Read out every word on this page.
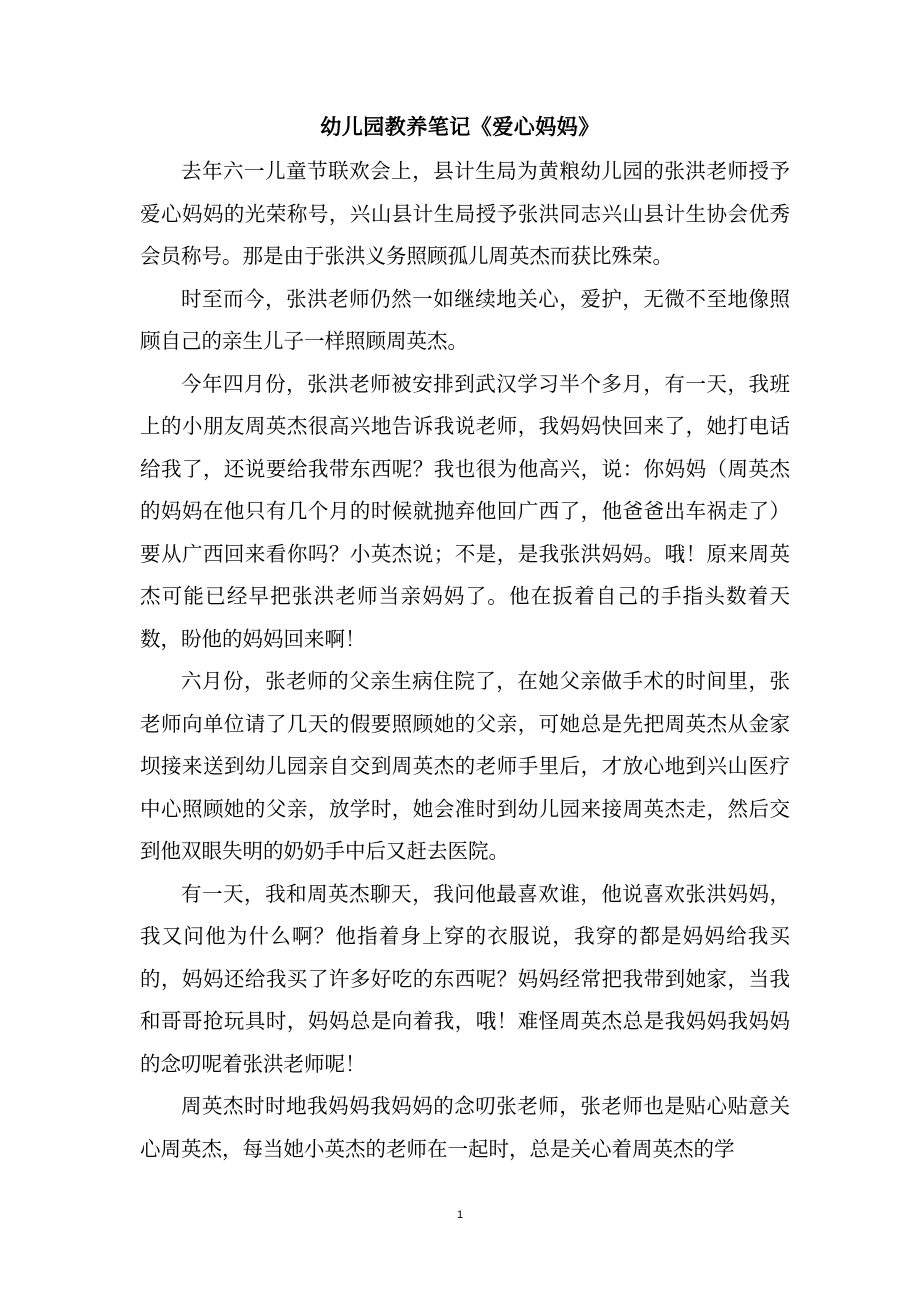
幼儿园教养笔记《爱心妈妈》

去年六一儿童节联欢会上，县计生局为黄粮幼儿园的张洪老师授予爱心妈妈的光荣称号，兴山县计生局授予张洪同志兴山县计生协会优秀会员称号。那是由于张洪义务照顾孤儿周英杰而获比殊荣。

时至而今，张洪老师仍然一如继续地关心，爱护，无微不至地像照顾自己的亲生儿子一样照顾周英杰。

今年四月份，张洪老师被安排到武汉学习半个多月，有一天，我班上的小朋友周英杰很高兴地告诉我说老师，我妈妈快回来了，她打电话给我了，还说要给我带东西呢？我也很为他高兴，说：你妈妈（周英杰的妈妈在他只有几个月的时候就抛弃他回广西了，他爸爸出车祸走了）要从广西回来看你吗？小英杰说；不是，是我张洪妈妈。哦！原来周英杰可能已经早把张洪老师当亲妈妈了。他在扳着自己的手指头数着天数，盼他的妈妈回来啊！

六月份，张老师的父亲生病住院了，在她父亲做手术的时间里，张老师向单位请了几天的假要照顾她的父亲，可她总是先把周英杰从金家坝接来送到幼儿园亲自交到周英杰的老师手里后，才放心地到兴山医疗中心照顾她的父亲，放学时，她会准时到幼儿园来接周英杰走，然后交到他双眼失明的奶奶手中后又赶去医院。

有一天，我和周英杰聊天，我问他最喜欢谁，他说喜欢张洪妈妈，我又问他为什么啊？他指着身上穿的衣服说，我穿的都是妈妈给我买的，妈妈还给我买了许多好吃的东西呢？妈妈经常把我带到她家，当我和哥哥抢玩具时，妈妈总是向着我，哦！难怪周英杰总是我妈妈我妈妈的念叨呢着张洪老师呢！

周英杰时时地我妈妈我妈妈的念叨张老师，张老师也是贴心贴意关心周英杰，每当她小英杰的老师在一起时，总是关心着周英杰的学

1
